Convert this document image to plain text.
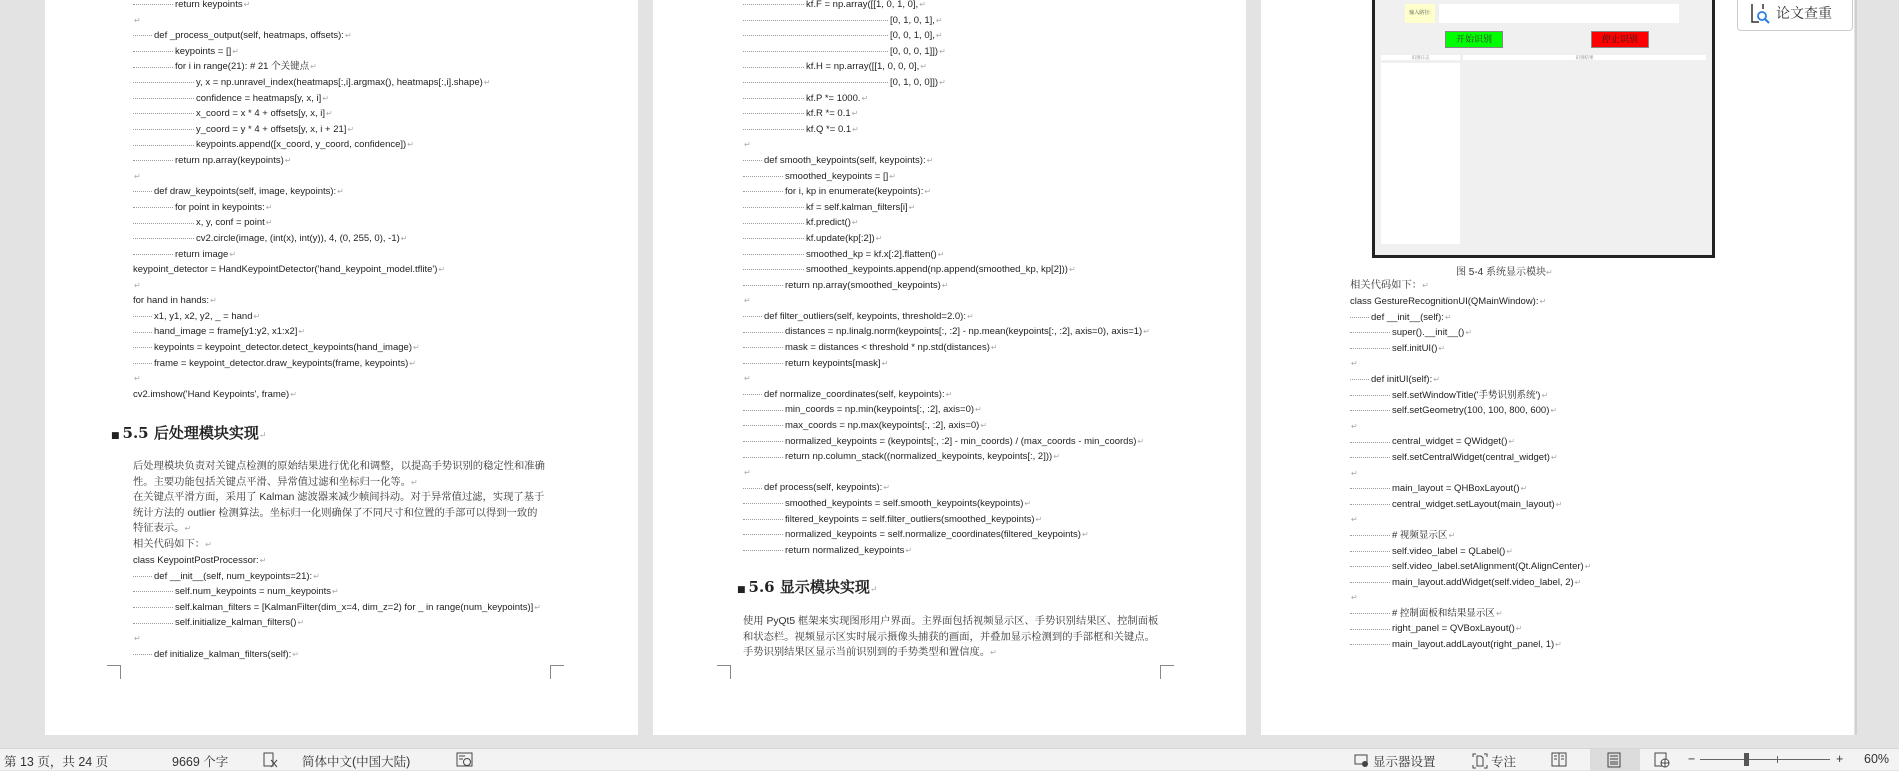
return keypoints
↵
↵
def _process_output(self, heatmaps, offsets):
↵
keypoints = []
↵
for i in range(21): # 21 个关键点
↵
y, x = np.unravel_index(heatmaps[:,i].argmax(), heatmaps[:,i].shape)
↵
confidence = heatmaps[y, x, i]
↵
x_coord = x * 4 + offsets[y, x, i]
↵
y_coord = y * 4 + offsets[y, x, i + 21]
↵
keypoints.append([x_coord, y_coord, confidence])
↵
return np.array(keypoints)
↵
↵
def draw_keypoints(self, image, keypoints):
↵
for point in keypoints:
↵
x, y, conf = point
↵
cv2.circle(image, (int(x), int(y)), 4, (0, 255, 0), -1)
↵
return image
↵
keypoint_detector = HandKeypointDetector('hand_keypoint_model.tflite')
↵
↵
for hand in hands:
↵
x1, y1, x2, y2, _ = hand
↵
hand_image = frame[y1:y2, x1:x2]
↵
keypoints = keypoint_detector.detect_keypoints(hand_image)
↵
frame = keypoint_detector.draw_keypoints(frame, keypoints)
↵
↵
cv2.imshow('Hand Keypoints', frame)
↵
■ 5.5 后处理模块实现 ↵
后处理模块负责对关键点检测的原始结果进行优化和调整，以提高手势识别的稳定性和准确
性。主要功能包括关键点平滑、异常值过滤和坐标归一化等。 ↵
在关键点平滑方面，采用了 Kalman 滤波器来减少帧间抖动。对于异常值过滤，实现了基于
统计方法的 outlier 检测算法。坐标归一化则确保了不同尺寸和位置的手部可以得到一致的
特征表示。 ↵
相关代码如下： ↵
class KeypointPostProcessor:
↵
def __init__(self, num_keypoints=21):
↵
self.num_keypoints = num_keypoints
↵
self.kalman_filters = [KalmanFilter(dim_x=4, dim_z=2) for _ in range(num_keypoints)]
↵
self.initialize_kalman_filters()
↵
↵
def initialize_kalman_filters(self):
↵
kf.F = np.array([[1, 0, 1, 0],
↵
[0, 1, 0, 1],
↵
[0, 0, 1, 0],
↵
[0, 0, 0, 1]])
↵
kf.H = np.array([[1, 0, 0, 0],
↵
[0, 1, 0, 0]])
↵
kf.P *= 1000.
↵
kf.R *= 0.1
↵
kf.Q *= 0.1
↵
↵
def smooth_keypoints(self, keypoints):
↵
smoothed_keypoints = []
↵
for i, kp in enumerate(keypoints):
↵
kf = self.kalman_filters[i]
↵
kf.predict()
↵
kf.update(kp[:2])
↵
smoothed_kp = kf.x[:2].flatten()
↵
smoothed_keypoints.append(np.append(smoothed_kp, kp[2]))
↵
return np.array(smoothed_keypoints)
↵
↵
def filter_outliers(self, keypoints, threshold=2.0):
↵
distances = np.linalg.norm(keypoints[:, :2] - np.mean(keypoints[:, :2], axis=0), axis=1)
↵
mask = distances < threshold * np.std(distances)
↵
return keypoints[mask]
↵
↵
def normalize_coordinates(self, keypoints):
↵
min_coords = np.min(keypoints[:, :2], axis=0)
↵
max_coords = np.max(keypoints[:, :2], axis=0)
↵
normalized_keypoints = (keypoints[:, :2] - min_coords) / (max_coords - min_coords)
↵
return np.column_stack((normalized_keypoints, keypoints[:, 2]))
↵
↵
def process(self, keypoints):
↵
smoothed_keypoints = self.smooth_keypoints(keypoints)
↵
filtered_keypoints = self.filter_outliers(smoothed_keypoints)
↵
normalized_keypoints = self.normalize_coordinates(filtered_keypoints)
↵
return normalized_keypoints
↵
■ 5.6 显示模块实现 ↵
使用 PyQt5 框架来实现图形用户界面。主界面包括视频显示区、手势识别结果区、控制面板
和状态栏。视频显示区实时展示摄像头捕获的画面，并叠加显示检测到的手部框和关键点。
手势识别结果区显示当前识别到的手势类型和置信度。 ↵
输入路径:
开始识别	停止识别
识别日志	识别结果
图 5-4 系统显示模块 ↵
相关代码如下： ↵
class GestureRecognitionUI(QMainWindow):
↵
def __init__(self):
↵
super().__init__()
↵
self.initUI()
↵
↵
def initUI(self):
↵
self.setWindowTitle('手势识别系统')
↵
self.setGeometry(100, 100, 800, 600)
↵
↵
central_widget = QWidget()
↵
self.setCentralWidget(central_widget)
↵
↵
main_layout = QHBoxLayout()
↵
central_widget.setLayout(main_layout)
↵
↵
# 视频显示区
↵
self.video_label = QLabel()
↵
self.video_label.setAlignment(Qt.AlignCenter)
↵
main_layout.addWidget(self.video_label, 2)
↵
↵
# 控制面板和结果显示区
↵
right_panel = QVBoxLayout()
↵
main_layout.addLayout(right_panel, 1)
↵
论文查重
第 13 页，共 24 页	9669 个字	简体中文(中国大陆)	显示器设置	专注	−	+ 60%
